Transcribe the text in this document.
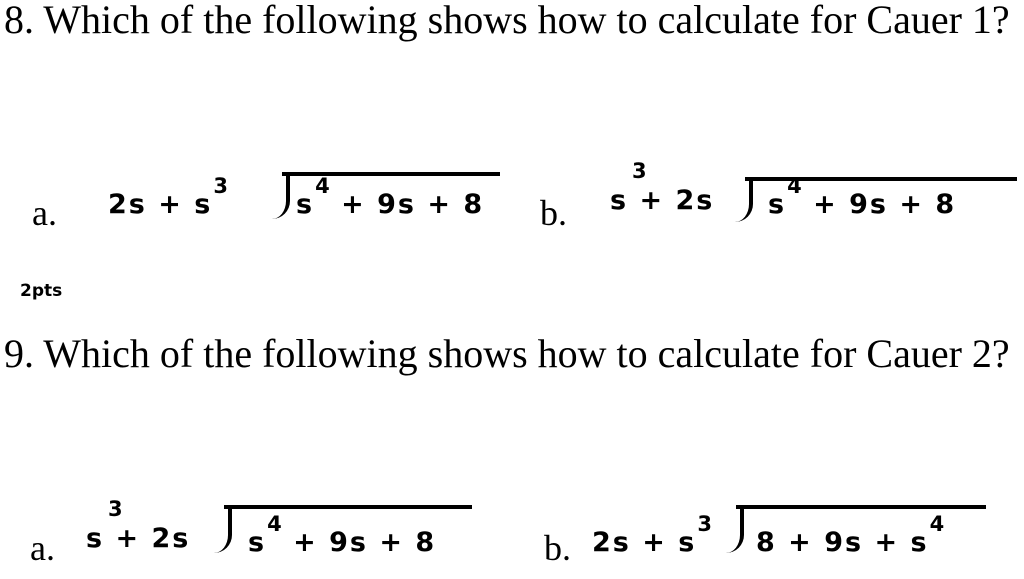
8. Which of the following shows how to calculate for Cauer 1?

a. $2s + s^3$
$s^4 + 9s + 8$ b.
3
s + 2s $s^4 + 9s + 8$
2pts

9. Which of the following shows how to calculate for Cauer 2?

a.
3
s + 2s $s^4 + 9s + 8$	b. $2s + s^3$
$8 + 9s + s^4$
